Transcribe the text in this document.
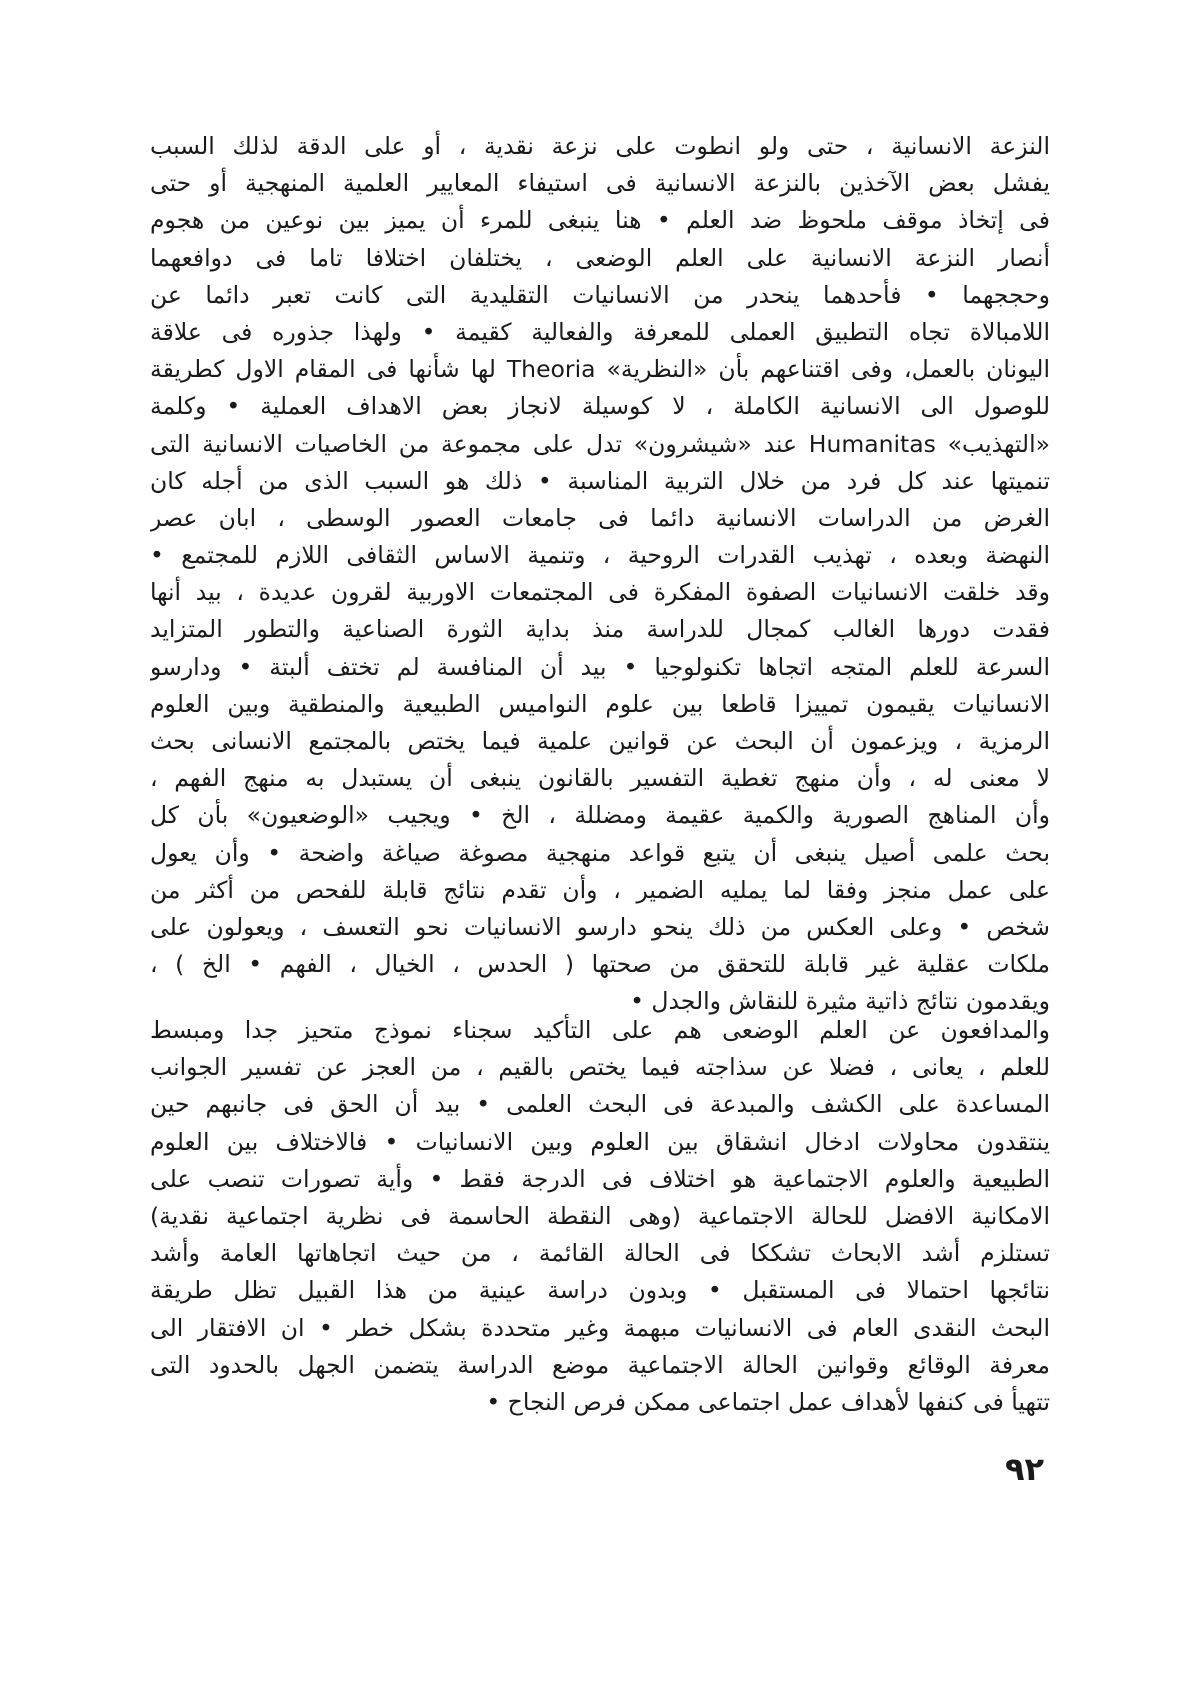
النزعة الانسانية ، حتى ولو انطوت على نزعة نقدية ، أو على الدقة لذلك السبب
يفشل بعض الآخذين بالنزعة الانسانية فى استيفاء المعايير العلمية المنهجية أو حتى
فى إتخاذ موقف ملحوظ ضد العلم • هنا ينبغى للمرء أن يميز بين نوعين من هجوم
أنصار النزعة الانسانية على العلم الوضعى ، يختلفان اختلافا تاما فى دوافعهما
وحججهما • فأحدهما ينحدر من الانسانيات التقليدية التى كانت تعبر دائما عن
اللامبالاة تجاه التطبيق العملى للمعرفة والفعالية كقيمة • ولهذا جذوره فى علاقة
اليونان بالعمل، وفى اقتناعهم بأن «النظرية» Theoria لها شأنها فى المقام الاول كطريقة
للوصول الى الانسانية الكاملة ، لا كوسيلة لانجاز بعض الاهداف العملية • وكلمة
«التهذيب» Humanitas عند «شيشرون» تدل على مجموعة من الخاصيات الانسانية التى
تنميتها عند كل فرد من خلال التربية المناسبة • ذلك هو السبب الذى من أجله كان
الغرض من الدراسات الانسانية دائما فى جامعات العصور الوسطى ، ابان عصر
النهضة وبعده ، تهذيب القدرات الروحية ، وتنمية الاساس الثقافى اللازم للمجتمع •
وقد خلقت الانسانيات الصفوة المفكرة فى المجتمعات الاوربية لقرون عديدة ، بيد أنها
فقدت دورها الغالب كمجال للدراسة منذ بداية الثورة الصناعية والتطور المتزايد
السرعة للعلم المتجه اتجاها تكنولوجيا • بيد أن المنافسة لم تختف ألبتة • ودارسو
الانسانيات يقيمون تمييزا قاطعا بين علوم النواميس الطبيعية والمنطقية وبين العلوم
الرمزية ، ويزعمون أن البحث عن قوانين علمية فيما يختص بالمجتمع الانسانى بحث
لا معنى له ، وأن منهج تغطية التفسير بالقانون ينبغى أن يستبدل به منهج الفهم ،
وأن المناهج الصورية والكمية عقيمة ومضللة ، الخ • ويجيب «الوضعيون» بأن كل
بحث علمى أصيل ينبغى أن يتبع قواعد منهجية مصوغة صياغة واضحة • وأن يعول
على عمل منجز وفقا لما يمليه الضمير ، وأن تقدم نتائج قابلة للفحص من أكثر من
شخص • وعلى العكس من ذلك ينحو دارسو الانسانيات نحو التعسف ، ويعولون على
ملكات عقلية غير قابلة للتحقق من صحتها ( الحدس ، الخيال ، الفهم • الخ ) ،
ويقدمون نتائج ذاتية مثيرة للنقاش والجدل •
والمدافعون عن العلم الوضعى هم على التأكيد سجناء نموذج متحيز جدا ومبسط
للعلم ، يعانى ، فضلا عن سذاجته فيما يختص بالقيم ، من العجز عن تفسير الجوانب
المساعدة على الكشف والمبدعة فى البحث العلمى • بيد أن الحق فى جانبهم حين
ينتقدون محاولات ادخال انشقاق بين العلوم وبين الانسانيات • فالاختلاف بين العلوم
الطبيعية والعلوم الاجتماعية هو اختلاف فى الدرجة فقط • وأية تصورات تنصب على
الامكانية الافضل للحالة الاجتماعية (وهى النقطة الحاسمة فى نظرية اجتماعية نقدية)
تستلزم أشد الابحاث تشككا فى الحالة القائمة ، من حيث اتجاهاتها العامة وأشد
نتائجها احتمالا فى المستقبل • وبدون دراسة عينية من هذا القبيل تظل طريقة
البحث النقدى العام فى الانسانيات مبهمة وغير متحددة بشكل خطر • ان الافتقار الى
معرفة الوقائع وقوانين الحالة الاجتماعية موضع الدراسة يتضمن الجهل بالحدود التى
تتهيأ فى كنفها لأهداف عمل اجتماعى ممكن فرص النجاح •
٩٢
